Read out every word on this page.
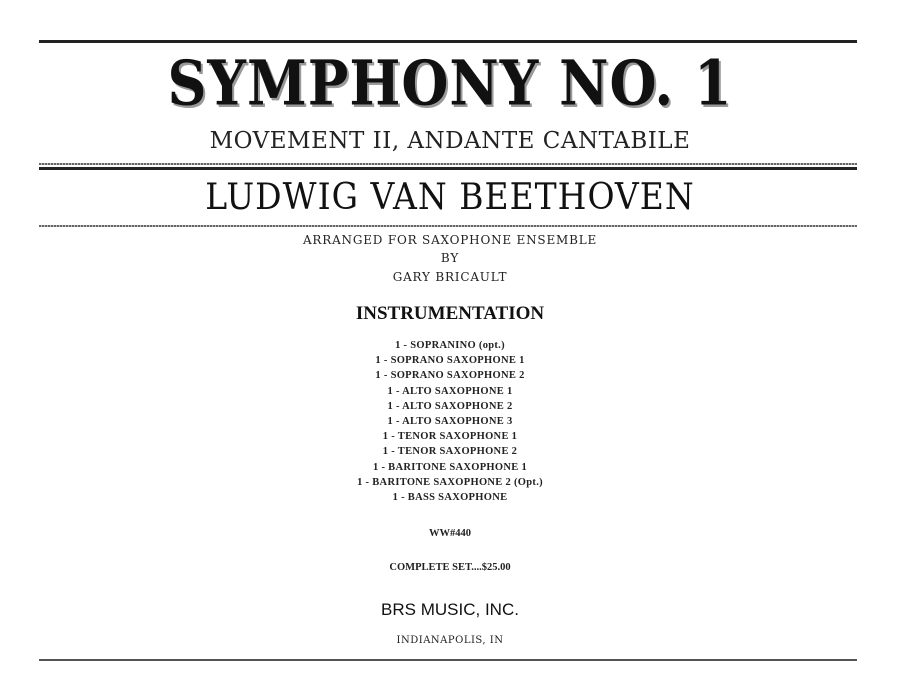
SYMPHONY NO. 1
MOVEMENT II, ANDANTE CANTABILE
LUDWIG VAN BEETHOVEN
ARRANGED FOR SAXOPHONE ENSEMBLE
BY
GARY BRICAULT
INSTRUMENTATION
1 - SOPRANINO (opt.)
1 - SOPRANO SAXOPHONE 1
1 - SOPRANO SAXOPHONE 2
1 - ALTO SAXOPHONE 1
1 - ALTO SAXOPHONE 2
1 - ALTO SAXOPHONE 3
1 - TENOR SAXOPHONE 1
1 - TENOR SAXOPHONE 2
1 - BARITONE SAXOPHONE 1
1 - BARITONE SAXOPHONE 2 (Opt.)
1 - BASS SAXOPHONE
WW#440
COMPLETE SET....$25.00
BRS MUSIC, INC.
INDIANAPOLIS, IN
